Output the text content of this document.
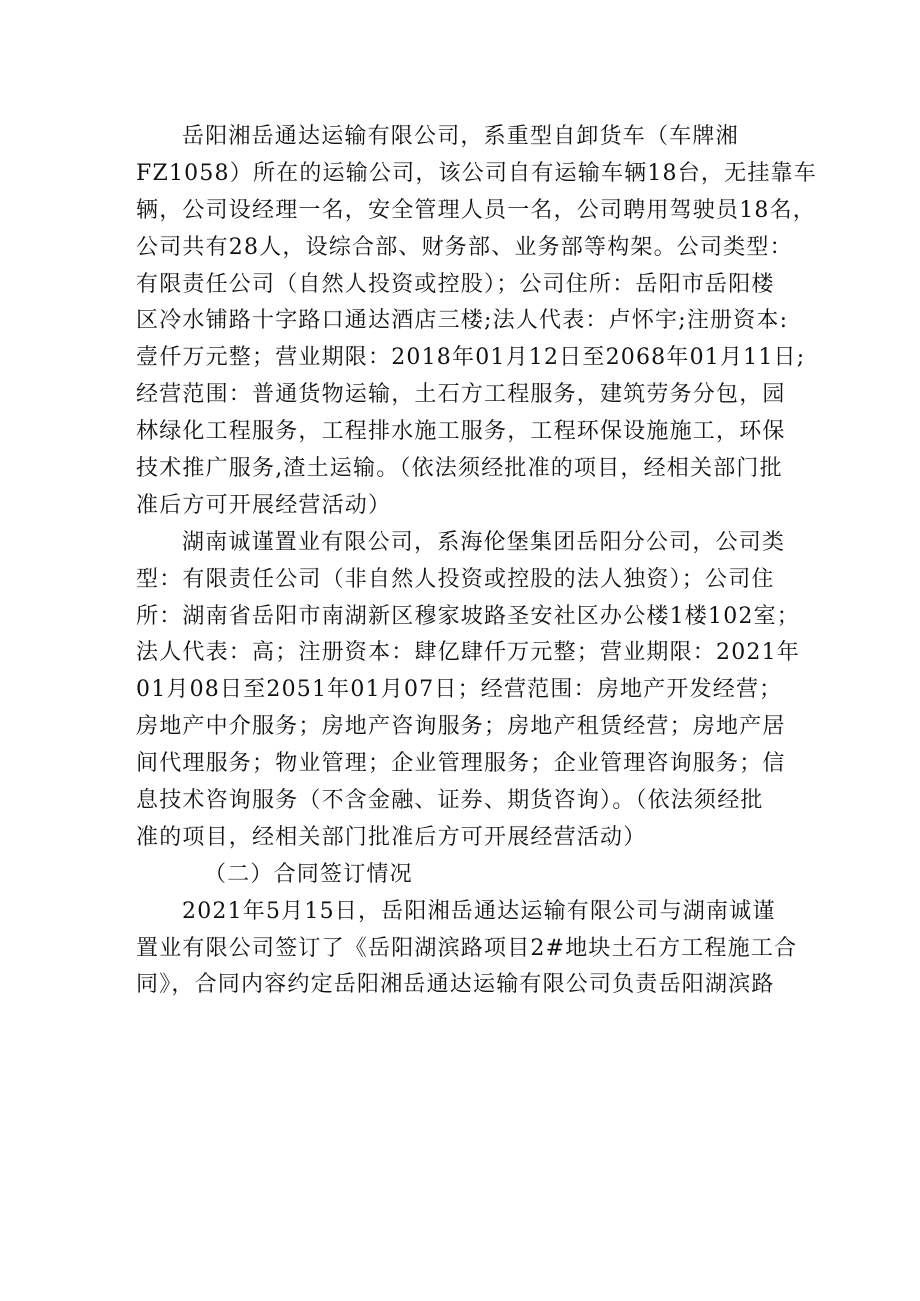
岳阳湘岳通达运输有限公司，系重型自卸货车（车牌湘
FZ1058）所在的运输公司，该公司自有运输车辆18台，无挂靠车
辆，公司设经理一名，安全管理人员一名，公司聘用驾驶员18名，
公司共有28人，设综合部、财务部、业务部等构架。公司类型：
有限责任公司（自然人投资或控股）；公司住所：岳阳市岳阳楼
区冷水铺路十字路口通达酒店三楼;法人代表：卢怀宇;注册资本:
壹仟万元整；营业期限：2018年01月12日至2068年01月11日;
经营范围：普通货物运输，土石方工程服务，建筑劳务分包，园
林绿化工程服务，工程排水施工服务，工程环保设施施工，环保
技术推广服务,渣土运输。（依法须经批准的项目，经相关部门批
准后方可开展经营活动）
湖南诚谨置业有限公司，系海伦堡集团岳阳分公司，公司类
型：有限责任公司（非自然人投资或控股的法人独资）；公司住
所：湖南省岳阳市南湖新区穆家坡路圣安社区办公楼1楼102室；
法人代表：高；注册资本：肆亿肆仟万元整；营业期限：2021年
01月08日至2051年01月07日；经营范围：房地产开发经营；
房地产中介服务；房地产咨询服务；房地产租赁经营；房地产居
间代理服务；物业管理；企业管理服务；企业管理咨询服务；信
息技术咨询服务（不含金融、证券、期货咨询）。（依法须经批
准的项目，经相关部门批准后方可开展经营活动）
（二）合同签订情况
2021年5月15日，岳阳湘岳通达运输有限公司与湖南诚谨
置业有限公司签订了《岳阳湖滨路项目2#地块土石方工程施工合
同》，合同内容约定岳阳湘岳通达运输有限公司负责岳阳湖滨路
